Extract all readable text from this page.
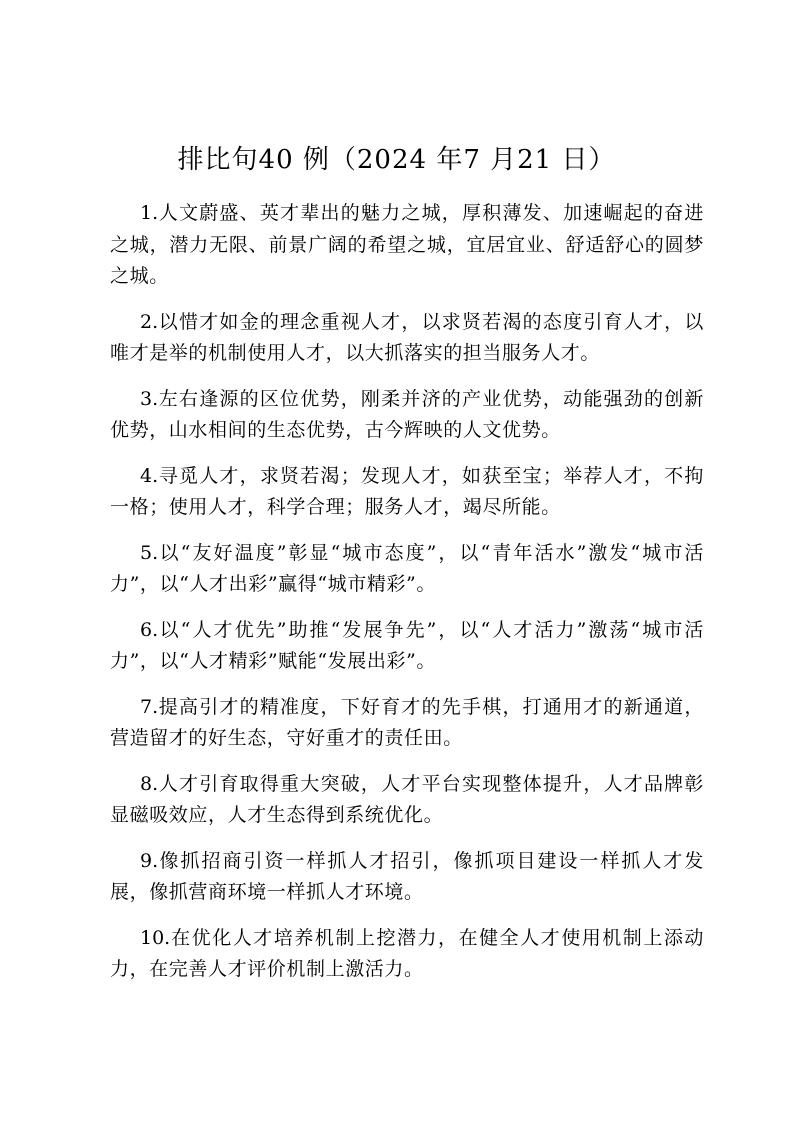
排比句40 例（2024 年7 月21 日）

1.人文蔚盛、英才辈出的魅力之城，厚积薄发、加速崛起的奋进之城，潜力无限、前景广阔的希望之城，宜居宜业、舒适舒心的圆梦之城。

2.以惜才如金的理念重视人才，以求贤若渴的态度引育人才，以唯才是举的机制使用人才，以大抓落实的担当服务人才。

3.左右逢源的区位优势，刚柔并济的产业优势，动能强劲的创新优势，山水相间的生态优势，古今辉映的人文优势。

4.寻觅人才，求贤若渴；发现人才，如获至宝；举荐人才，不拘一格；使用人才，科学合理；服务人才，竭尽所能。

5.以“友好温度”彰显“城市态度”，以“青年活水”激发“城市活力”，以“人才出彩”赢得“城市精彩”。

6.以“人才优先”助推“发展争先”，以“人才活力”激荡“城市活力”，以“人才精彩”赋能“发展出彩”。

7.提高引才的精准度，下好育才的先手棋，打通用才的新通道，营造留才的好生态，守好重才的责任田。

8.人才引育取得重大突破，人才平台实现整体提升，人才品牌彰显磁吸效应，人才生态得到系统优化。

9.像抓招商引资一样抓人才招引，像抓项目建设一样抓人才发展，像抓营商环境一样抓人才环境。

10.在优化人才培养机制上挖潜力，在健全人才使用机制上添动力，在完善人才评价机制上激活力。
